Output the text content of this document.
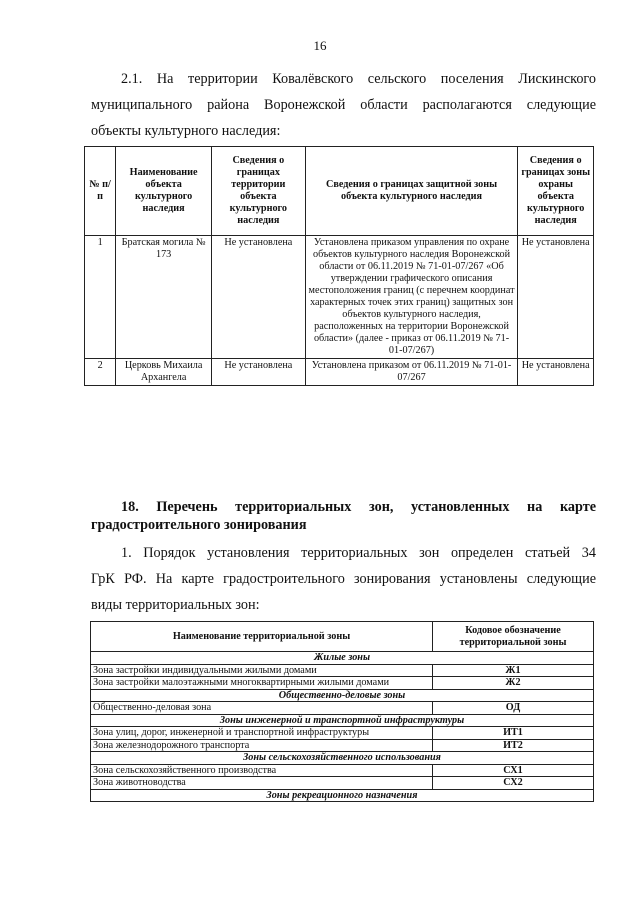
16
2.1. На территории Ковалёвского сельского поселения Лискинского
муниципального района Воронежской области располагаются следующие
объекты культурного наследия:
№ п/п	Наименование объекта культурного наследия	Сведения о границах территории объекта культурного наследия	Сведения о границах защитной зоны объекта культурного наследия	Сведения о границах зоны охраны объекта культурного наследия
1	Братская могила № 173	Не установлена	Установлена приказом управления по охране объектов культурного наследия Воронежской области от 06.11.2019 № 71-01-07/267 «Об утверждении графического описания местоположения границ (с перечнем координат характерных точек этих границ) защитных зон объектов культурного наследия, расположенных на территории Воронежской области» (далее - приказ от 06.11.2019 № 71-01-07/267)	Не установлена
2	Церковь Михаила Архангела	Не установлена	Установлена приказом от 06.11.2019 № 71-01-07/267	Не установлена
18. Перечень территориальных зон, установленных на карте
градостроительного зонирования
1. Порядок установления территориальных зон определен статьей 34
ГрК РФ. На карте градостроительного зонирования установлены следующие
виды территориальных зон:
Наименование территориальной зоны	Кодовое обозначение территориальной зоны
Жилые зоны	
Зона застройки индивидуальными жилыми домами	Ж1
Зона застройки малоэтажными многоквартирными жилыми домами	Ж2
Общественно-деловые зоны	
Общественно-деловая зона	ОД
Зоны инженерной и транспортной инфраструктуры	
Зона улиц, дорог, инженерной и транспортной инфраструктуры	ИТ1
Зона железнодорожного транспорта	ИТ2
Зоны сельскохозяйственного использования	
Зона сельскохозяйственного производства	СХ1
Зона животноводства	СХ2
Зоны рекреационного назначения	
